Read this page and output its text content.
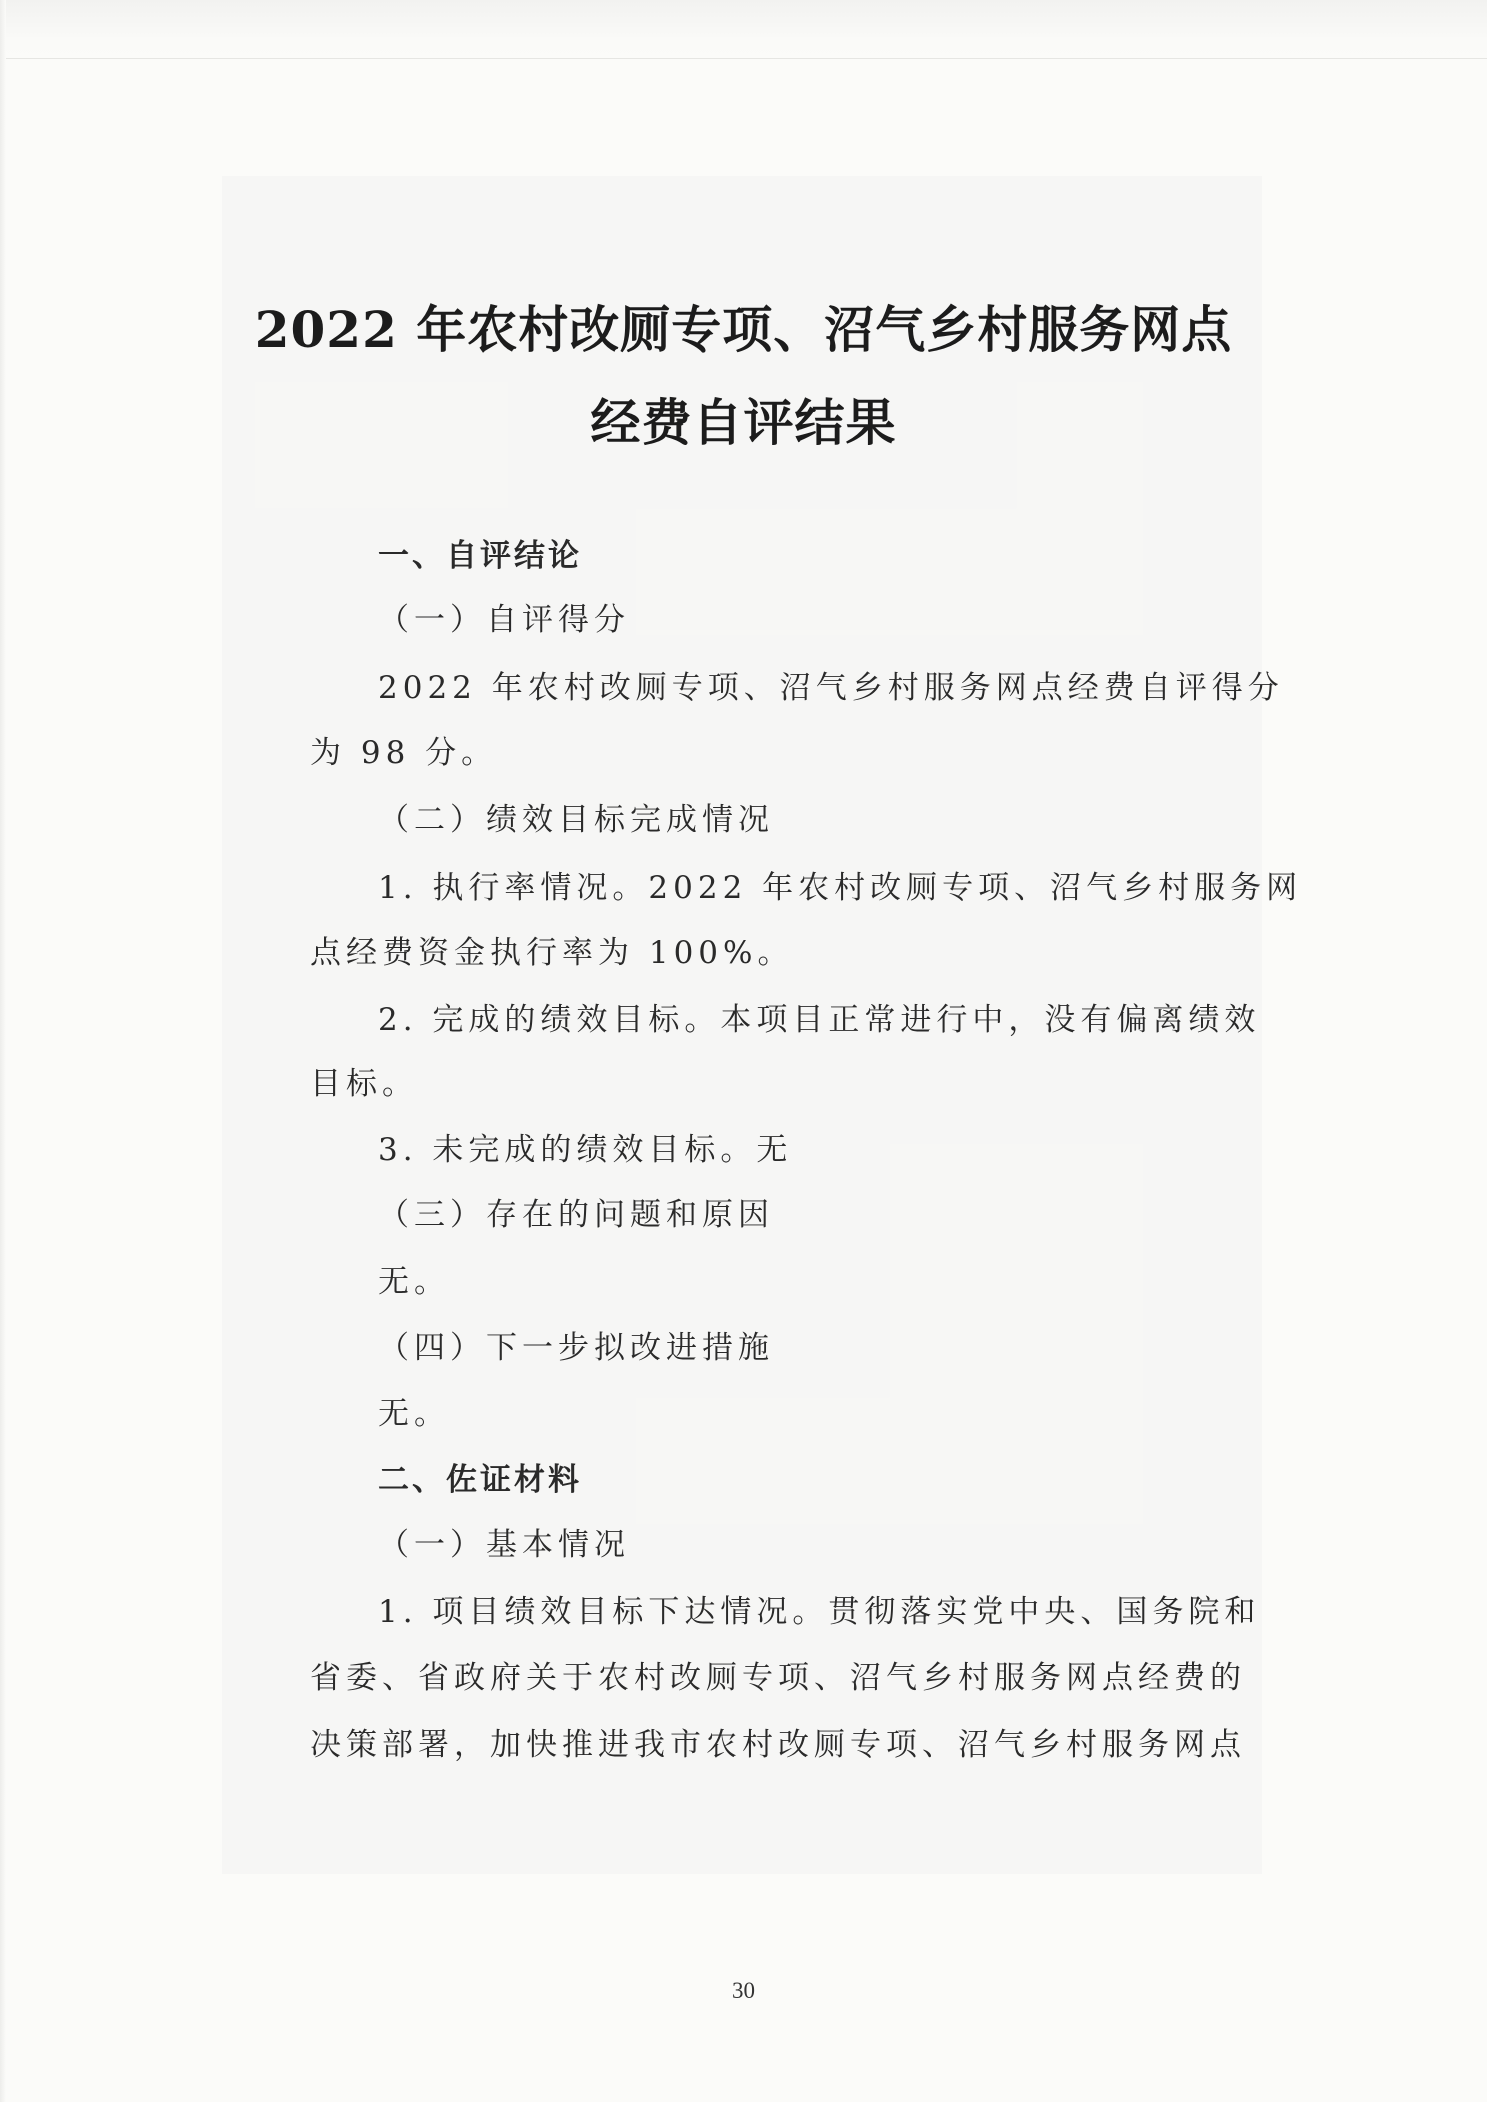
2022 年农村改厕专项、沼气乡村服务网点
经费自评结果
一、自评结论
（一）自评得分
2022 年农村改厕专项、沼气乡村服务网点经费自评得分
为 98 分。
（二）绩效目标完成情况
1. 执行率情况。2022 年农村改厕专项、沼气乡村服务网
点经费资金执行率为 100%。
2. 完成的绩效目标。本项目正常进行中，没有偏离绩效
目标。
3. 未完成的绩效目标。无
（三）存在的问题和原因
无。
（四）下一步拟改进措施
无。
二、佐证材料
（一）基本情况
1. 项目绩效目标下达情况。贯彻落实党中央、国务院和
省委、省政府关于农村改厕专项、沼气乡村服务网点经费的
决策部署，加快推进我市农村改厕专项、沼气乡村服务网点
30
